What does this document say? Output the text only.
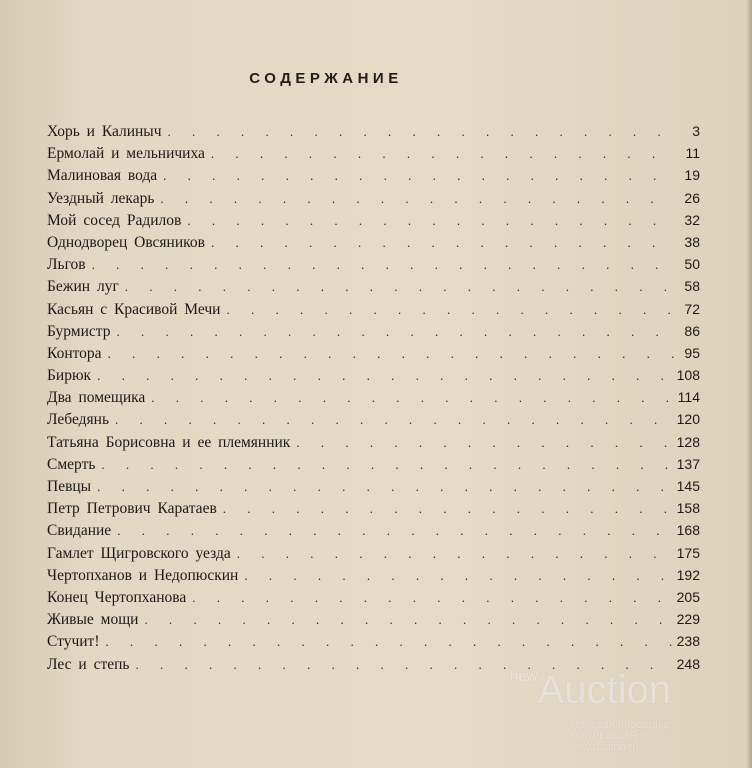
СОДЕРЖАНИЕ
Хорь и Калиныч . . .	3
Ермолай и мельничиха . . .	11
Малиновая вода . . .	19
Уездный лекарь . . .	26
Мой сосед Радилов . . .	32
Однодворец Овсяников . . .	38
Льгов . . .	50
Бежин луг . . .	58
Касьян с Красивой Мечи . . .	72
Бурмистр . . .	86
Контора . . .	95
Бирюк . . .	108
Два помещика . . .	114
Лебедянь . . .	120
Татьяна Борисовна и ее племянник . . .	128
Смерть . . .	137
Певцы . . .	145
Петр Петрович Каратаев . . .	158
Свидание . . .	168
Гамлет Щигровского уезда . . .	175
Чертопханов и Недопюскин . . .	192
Конец Чертопханова . . .	205
Живые мощи . . .	229
Стучит! . . .	238
Лес и степь . . .	248
newAuction
торговая площадка
КОЛЛЕКЦИЯ
newauction.ru
